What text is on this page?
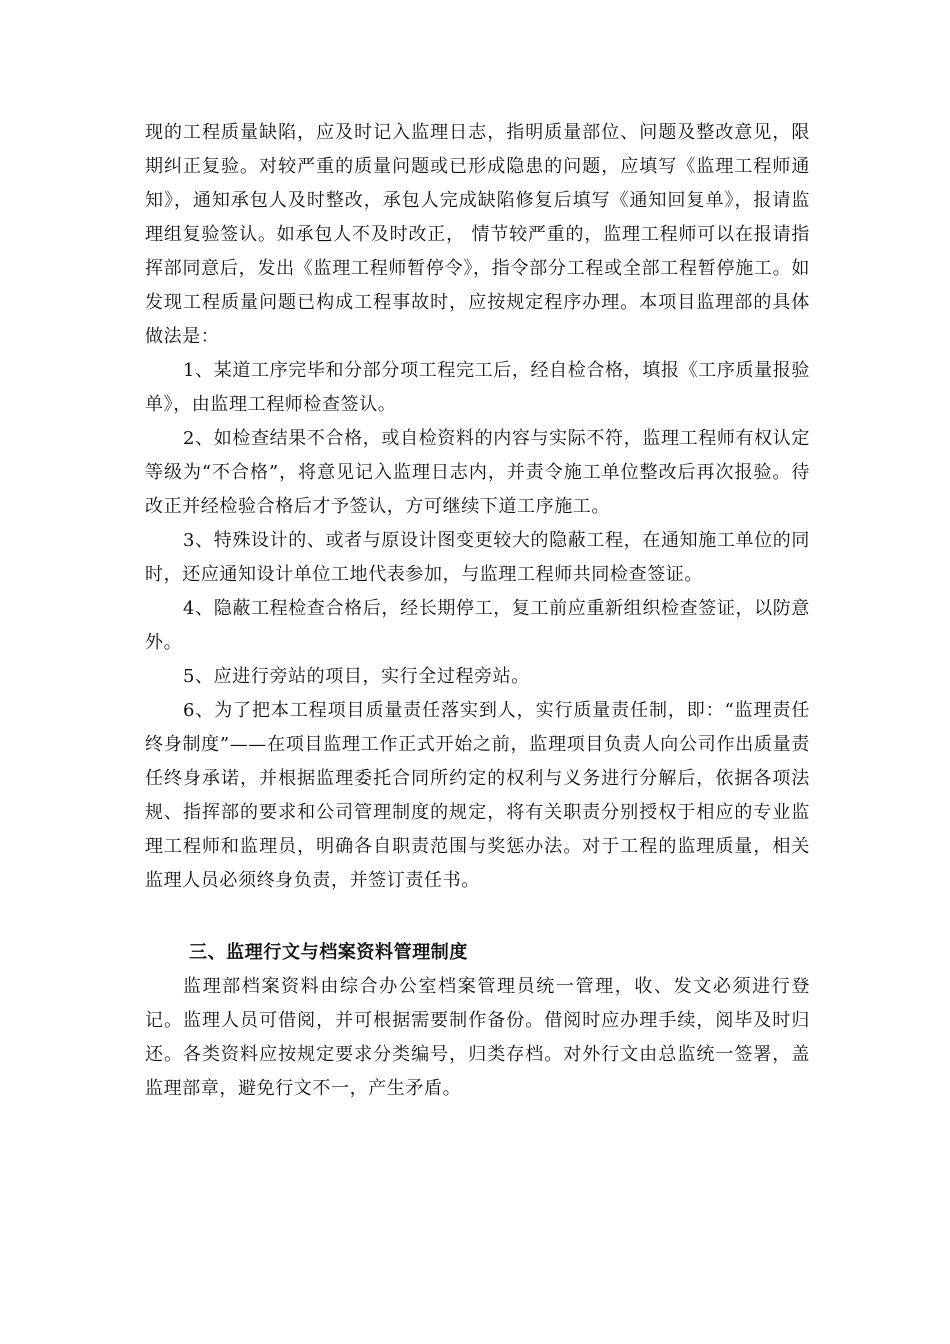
现的工程质量缺陷，应及时记入监理日志，指明质量部位、问题及整改意见，限期纠正复验。对较严重的质量问题或已形成隐患的问题，应填写《监理工程师通知》，通知承包人及时整改，承包人完成缺陷修复后填写《通知回复单》，报请监理组复验签认。如承包人不及时改正， 情节较严重的，监理工程师可以在报请指挥部同意后，发出《监理工程师暂停令》，指令部分工程或全部工程暂停施工。如发现工程质量问题已构成工程事故时，应按规定程序办理。本项目监理部的具体做法是：

1、某道工序完毕和分部分项工程完工后，经自检合格，填报《工序质量报验单》，由监理工程师检查签认。

2、如检查结果不合格，或自检资料的内容与实际不符，监理工程师有权认定等级为“不合格”，将意见记入监理日志内，并责令施工单位整改后再次报验。待改正并经检验合格后才予签认，方可继续下道工序施工。

3、特殊设计的、或者与原设计图变更较大的隐蔽工程，在通知施工单位的同时，还应通知设计单位工地代表参加，与监理工程师共同检查签证。

4、隐蔽工程检查合格后，经长期停工，复工前应重新组织检查签证，以防意外。

5、应进行旁站的项目，实行全过程旁站。

6、为了把本工程项目质量责任落实到人，实行质量责任制，即：“监理责任终身制度”——在项目监理工作正式开始之前，监理项目负责人向公司作出质量责任终身承诺，并根据监理委托合同所约定的权利与义务进行分解后，依据各项法规、指挥部的要求和公司管理制度的规定，将有关职责分别授权于相应的专业监理工程师和监理员，明确各自职责范围与奖惩办法。对于工程的监理质量，相关监理人员必须终身负责，并签订责任书。

三、监理行文与档案资料管理制度

监理部档案资料由综合办公室档案管理员统一管理，收、发文必须进行登记。监理人员可借阅，并可根据需要制作备份。借阅时应办理手续，阅毕及时归还。各类资料应按规定要求分类编号，归类存档。对外行文由总监统一签署，盖监理部章，避免行文不一，产生矛盾。
